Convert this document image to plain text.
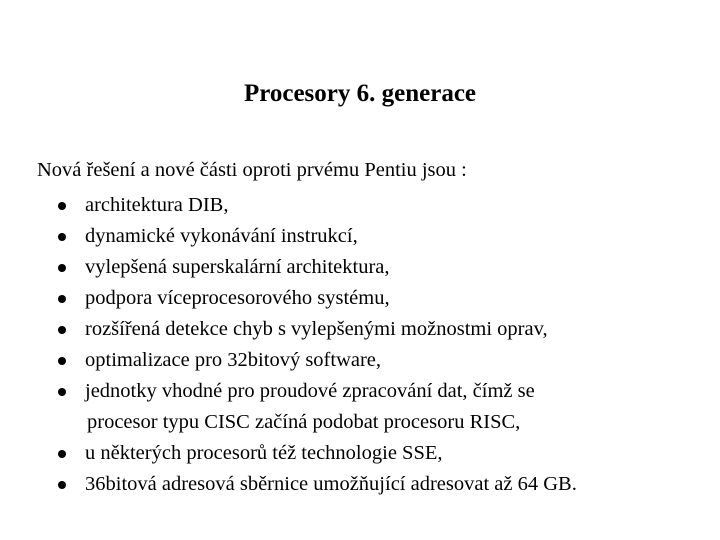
Procesory 6. generace
Nová řešení a nové části oproti prvému Pentiu jsou :
architektura DIB,
dynamické vykonávání instrukcí,
vylepšená superskalární architektura,
podpora víceprocesorového systému,
rozšířená detekce chyb s vylepšenými možnostmi oprav,
optimalizace pro 32bitový software,
jednotky vhodné pro proudové zpracování dat, čímž se
procesor typu CISC začíná podobat procesoru RISC,
u některých procesorů též technologie SSE,
36bitová adresová sběrnice umožňující adresovat až 64 GB.
